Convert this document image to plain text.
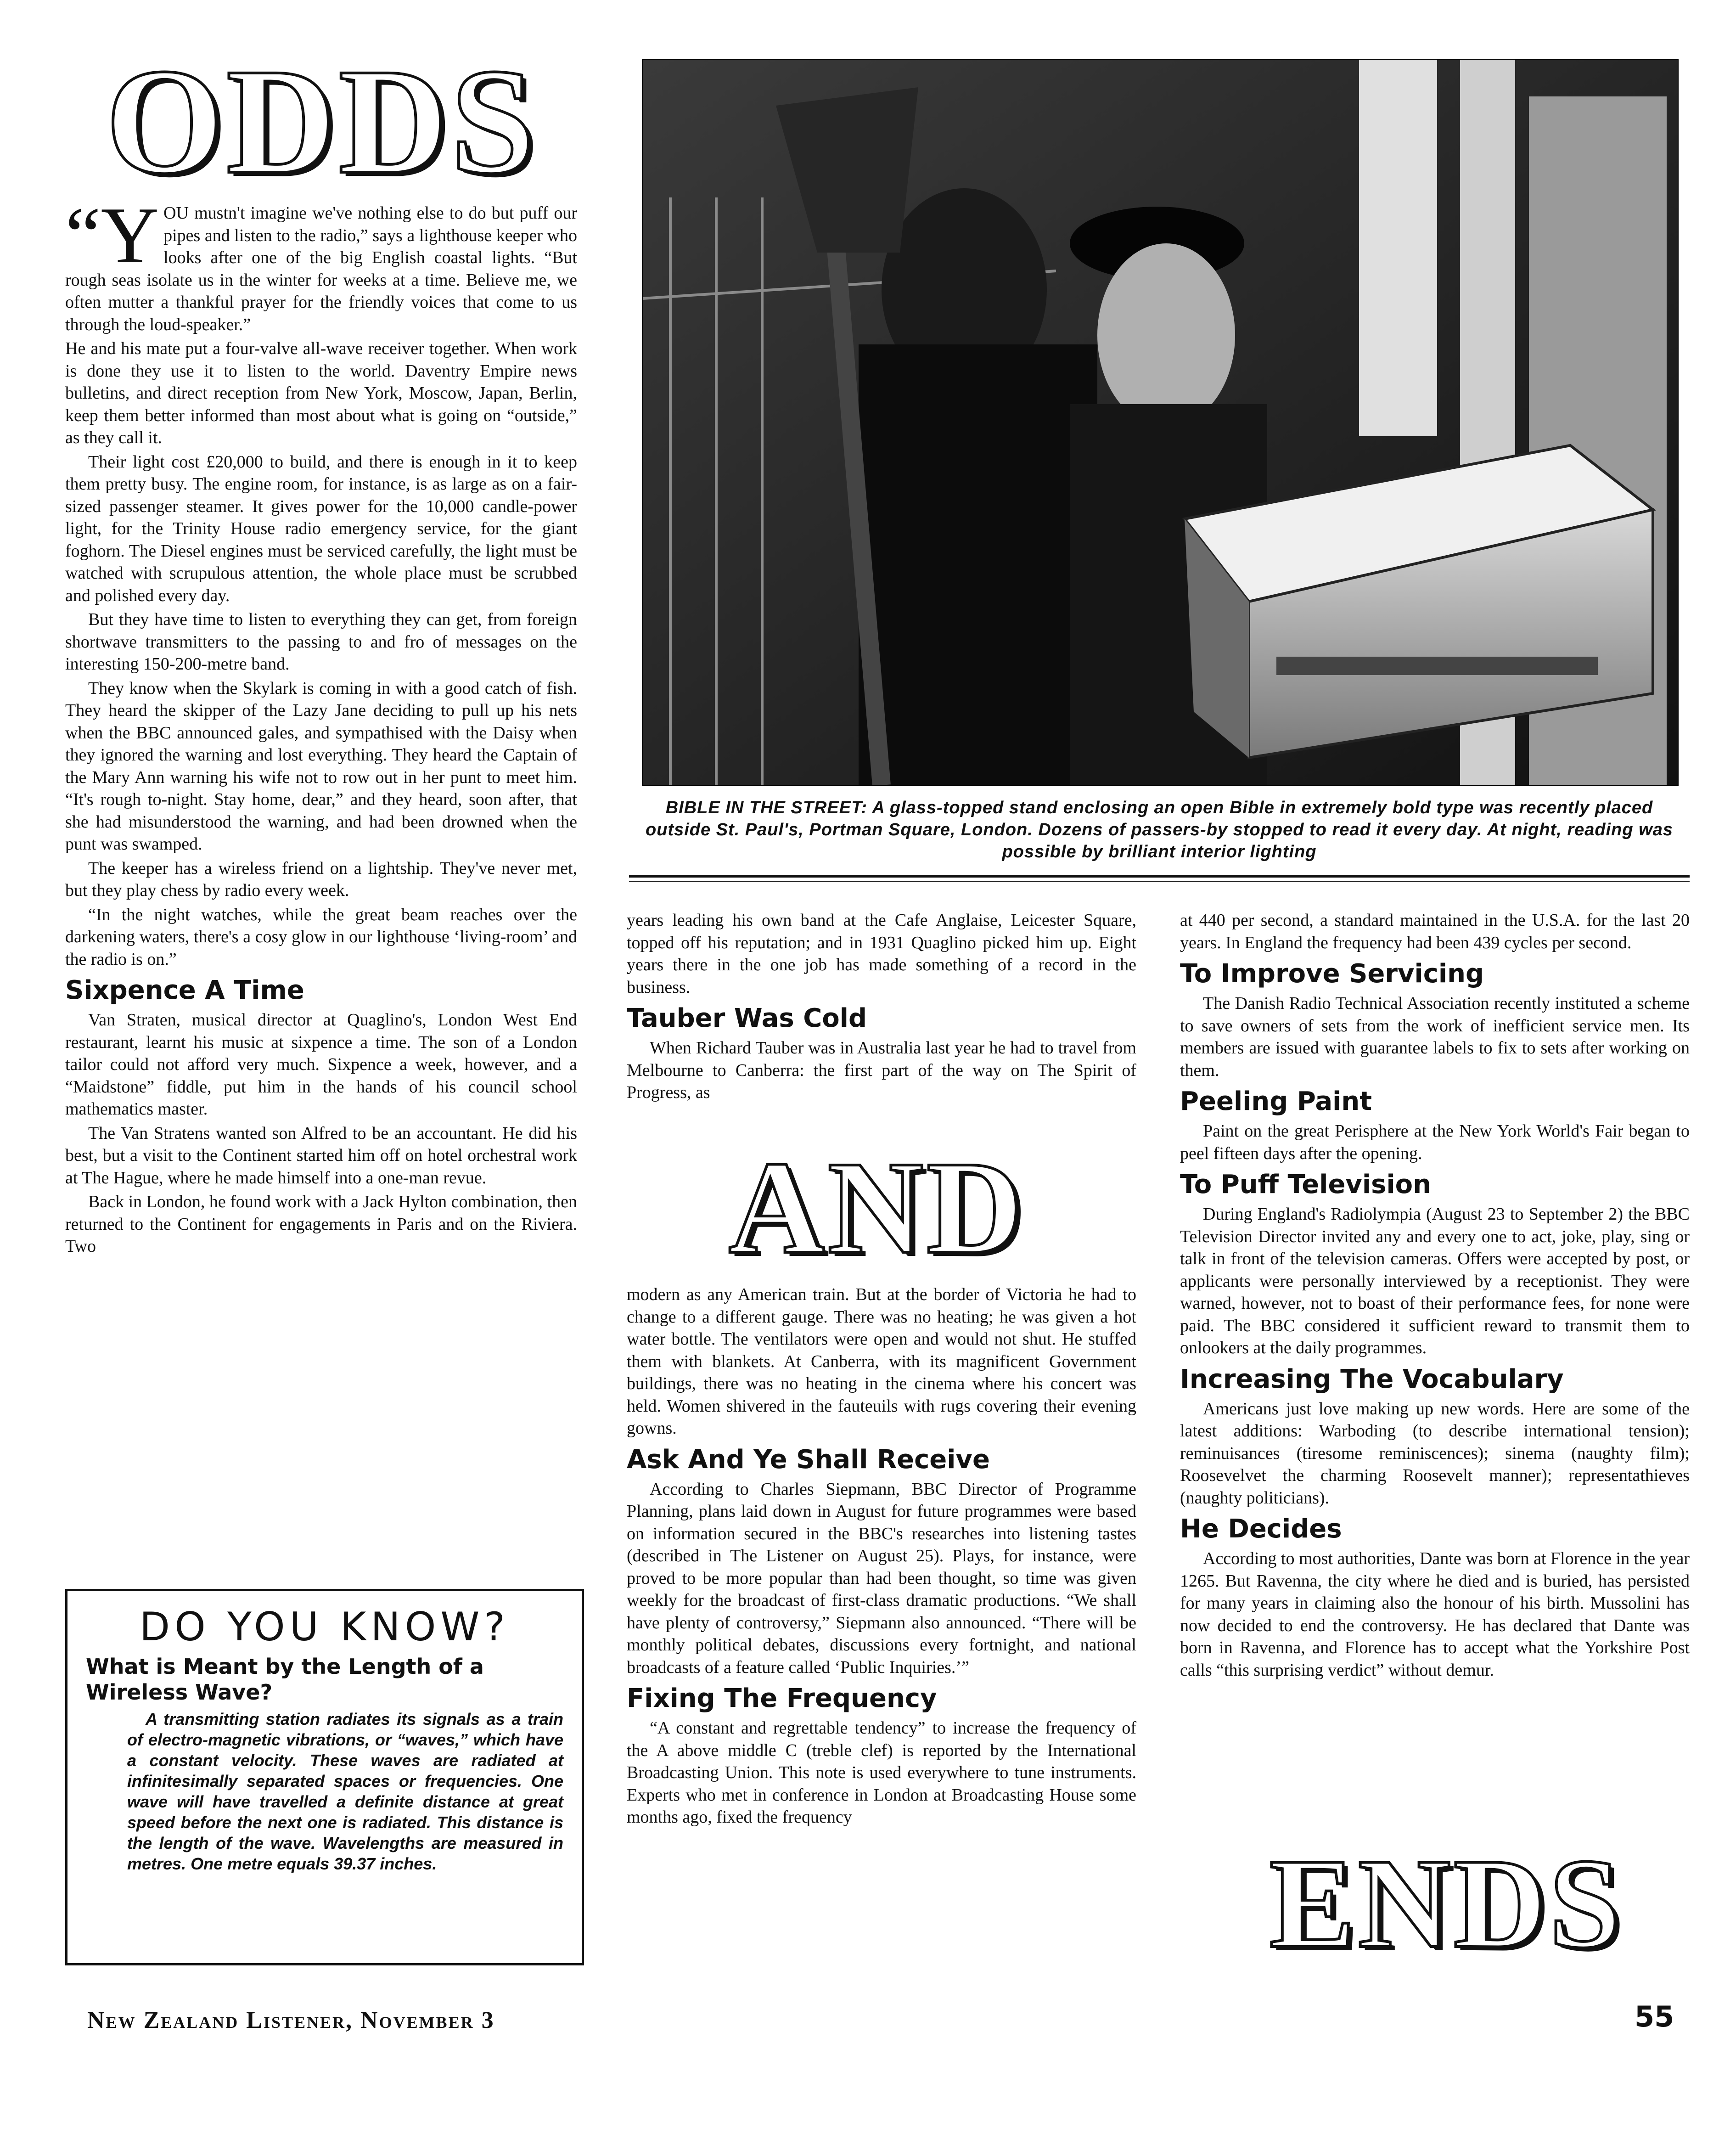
ODDS

“YOU mustn't imagine we've nothing else to do but puff our pipes and listen to the radio,” says a lighthouse keeper who looks after one of the big English coastal lights. “But rough seas isolate us in the winter for weeks at a time. Believe me, we often mutter a thankful prayer for the friendly voices that come to us through the loud-speaker.”

He and his mate put a four-valve all-wave receiver together. When work is done they use it to listen to the world. Daventry Empire news bulletins, and direct reception from New York, Moscow, Japan, Berlin, keep them better informed than most about what is going on “outside,” as they call it.

Their light cost £20,000 to build, and there is enough in it to keep them pretty busy. The engine room, for instance, is as large as on a fair-sized passenger steamer. It gives power for the 10,000 candle-power light, for the Trinity House radio emergency service, for the giant foghorn. The Diesel engines must be serviced carefully, the light must be watched with scrupulous attention, the whole place must be scrubbed and polished every day.

But they have time to listen to everything they can get, from foreign shortwave transmitters to the passing to and fro of messages on the interesting 150-200-metre band.

They know when the Skylark is coming in with a good catch of fish. They heard the skipper of the Lazy Jane deciding to pull up his nets when the BBC announced gales, and sympathised with the Daisy when they ignored the warning and lost everything. They heard the Captain of the Mary Ann warning his wife not to row out in her punt to meet him. “It's rough to-night. Stay home, dear,” and they heard, soon after, that she had misunderstood the warning, and had been drowned when the punt was swamped.

The keeper has a wireless friend on a lightship. They've never met, but they play chess by radio every week.

“In the night watches, while the great beam reaches over the darkening waters, there's a cosy glow in our lighthouse ‘living-room’ and the radio is on.”

Sixpence A Time

Van Straten, musical director at Quaglino's, London West End restaurant, learnt his music at sixpence a time. The son of a London tailor could not afford very much. Sixpence a week, however, and a “Maidstone” fiddle, put him in the hands of his council school mathematics master.

The Van Stratens wanted son Alfred to be an accountant. He did his best, but a visit to the Continent started him off on hotel orchestral work at The Hague, where he made himself into a one-man revue.

Back in London, he found work with a Jack Hylton combination, then returned to the Continent for engagements in Paris and on the Riviera. Two

DO YOU KNOW?
What is Meant by the Length of a Wireless Wave?
A transmitting station radiates its signals as a train of electro-magnetic vibrations, or “waves,” which have a constant velocity. These waves are radiated at infinitesimally separated spaces or frequencies. One wave will have travelled a definite distance at great speed before the next one is radiated. This distance is the length of the wave. Wavelengths are measured in metres. One metre equals 39.37 inches.
BIBLE IN THE STREET: A glass-topped stand enclosing an open Bible in extremely bold type was recently placed outside St. Paul's, Portman Square, London. Dozens of passers-by stopped to read it every day. At night, reading was possible by brilliant interior lighting

years leading his own band at the Cafe Anglaise, Leicester Square, topped off his reputation; and in 1931 Quaglino picked him up. Eight years there in the one job has made something of a record in the business.

Tauber Was Cold

When Richard Tauber was in Australia last year he had to travel from Melbourne to Canberra: the first part of the way on The Spirit of Progress, as

AND

modern as any American train. But at the border of Victoria he had to change to a different gauge. There was no heating; he was given a hot water bottle. The ventilators were open and would not shut. He stuffed them with blankets. At Canberra, with its magnificent Government buildings, there was no heating in the cinema where his concert was held. Women shivered in the fauteuils with rugs covering their evening gowns.

Ask And Ye Shall Receive

According to Charles Siepmann, BBC Director of Programme Planning, plans laid down in August for future programmes were based on information secured in the BBC's researches into listening tastes (described in The Listener on August 25). Plays, for instance, were proved to be more popular than had been thought, so time was given weekly for the broadcast of first-class dramatic productions. “We shall have plenty of controversy,” Siepmann also announced. “There will be monthly political debates, discussions every fortnight, and national broadcasts of a feature called ‘Public Inquiries.’”

Fixing The Frequency

“A constant and regrettable tendency” to increase the frequency of the A above middle C (treble clef) is reported by the International Broadcasting Union. This note is used everywhere to tune instruments. Experts who met in conference in London at Broadcasting House some months ago, fixed the frequency

at 440 per second, a standard maintained in the U.S.A. for the last 20 years. In England the frequency had been 439 cycles per second.

To Improve Servicing

The Danish Radio Technical Association recently instituted a scheme to save owners of sets from the work of inefficient service men. Its members are issued with guarantee labels to fix to sets after working on them.

Peeling Paint

Paint on the great Perisphere at the New York World's Fair began to peel fifteen days after the opening.

To Puff Television

During England's Radiolympia (August 23 to September 2) the BBC Television Director invited any and every one to act, joke, play, sing or talk in front of the television cameras. Offers were accepted by post, or applicants were personally interviewed by a receptionist. They were warned, however, not to boast of their performance fees, for none were paid. The BBC considered it sufficient reward to transmit them to onlookers at the daily programmes.

Increasing The Vocabulary

Americans just love making up new words. Here are some of the latest additions: Warboding (to describe international tension); reminuisances (tiresome reminiscences); sinema (naughty film); Roosevelvet the charming Roosevelt manner); representathieves (naughty politicians).

He Decides

According to most authorities, Dante was born at Florence in the year 1265. But Ravenna, the city where he died and is buried, has persisted for many years in claiming also the honour of his birth. Mussolini has now decided to end the controversy. He has declared that Dante was born in Ravenna, and Florence has to accept what the Yorkshire Post calls “this surprising verdict” without demur.

ENDS
New Zealand Listener, November 3	55
